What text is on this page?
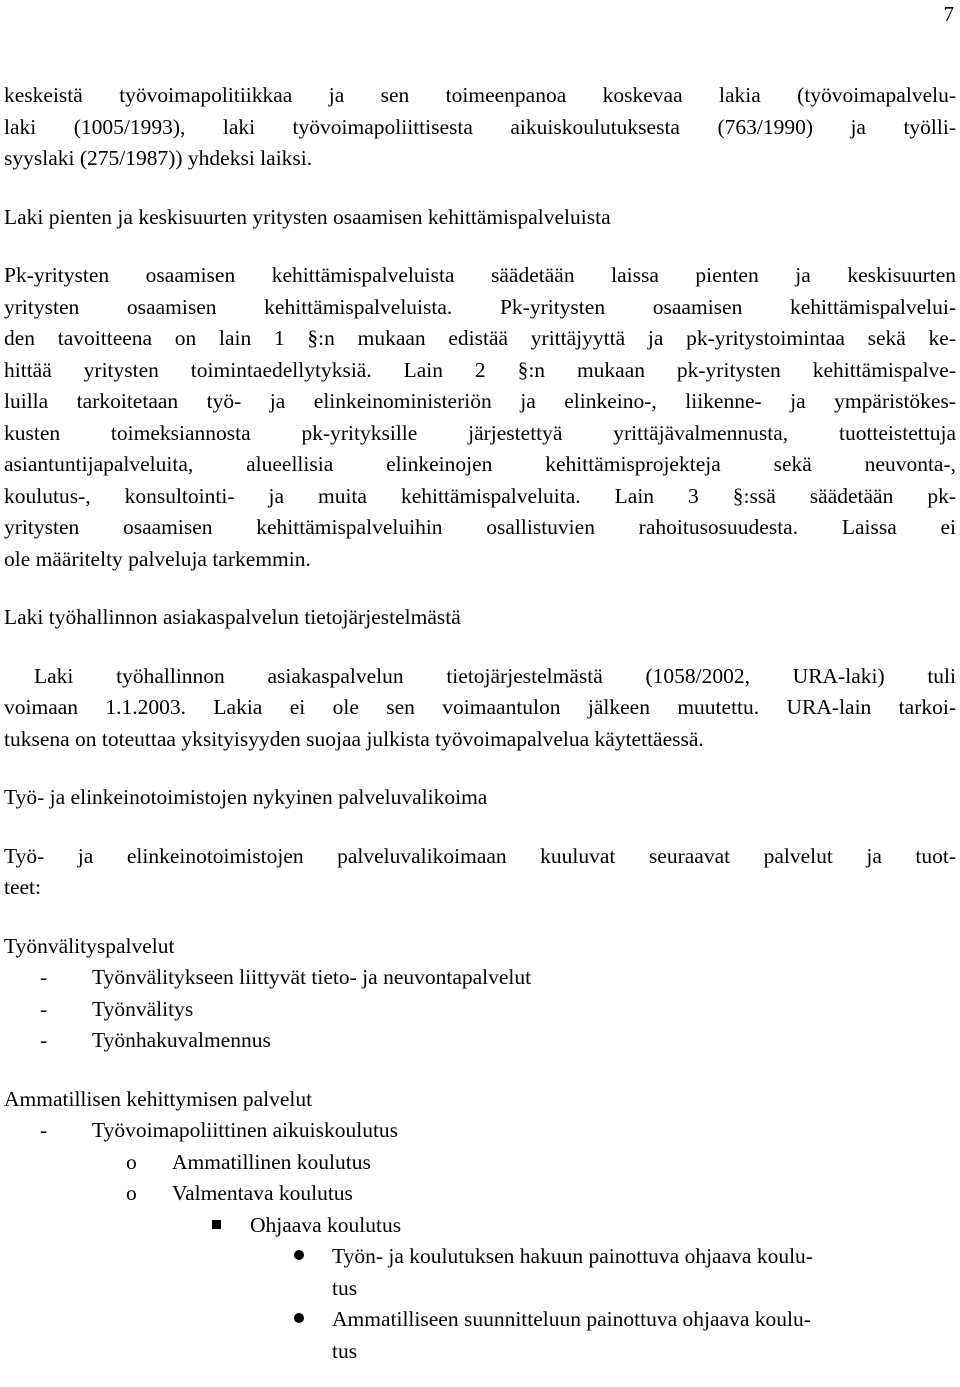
7
keskeistä työvoimapolitiikkaa ja sen toimeenpanoa koskevaa lakia (työvoimapalvelu-
laki (1005/1993), laki työvoimapoliittisesta aikuiskoulutuksesta (763/1990) ja työlli-
syyslaki (275/1987)) yhdeksi laiksi.
Laki pienten ja keskisuurten yritysten osaamisen kehittämispalveluista
Pk-yritysten osaamisen kehittämispalveluista säädetään laissa pienten ja keskisuurten
yritysten osaamisen kehittämispalveluista. Pk-yritysten osaamisen kehittämispalvelui-
den tavoitteena on lain 1 §:n mukaan edistää yrittäjyyttä ja pk-yritystoimintaa sekä ke-
hittää yritysten toimintaedellytyksiä. Lain 2 §:n mukaan pk-yritysten kehittämispalve-
luilla tarkoitetaan työ- ja elinkeinoministeriön ja elinkeino-, liikenne- ja ympäristökes-
kusten toimeksiannosta pk-yrityksille järjestettyä yrittäjävalmennusta, tuotteistettuja
asiantuntijapalveluita, alueellisia elinkeinojen kehittämisprojekteja sekä neuvonta-,
koulutus-, konsultointi- ja muita kehittämispalveluita. Lain 3 §:ssä säädetään pk-
yritysten osaamisen kehittämispalveluihin osallistuvien rahoitusosuudesta. Laissa ei
ole määritelty palveluja tarkemmin.
Laki työhallinnon asiakaspalvelun tietojärjestelmästä
Laki työhallinnon asiakaspalvelun tietojärjestelmästä (1058/2002, URA-laki) tuli
voimaan 1.1.2003. Lakia ei ole sen voimaantulon jälkeen muutettu. URA-lain tarkoi-
tuksena on toteuttaa yksityisyyden suojaa julkista työvoimapalvelua käytettäessä.
Työ- ja elinkeinotoimistojen nykyinen palveluvalikoima
Työ- ja elinkeinotoimistojen palveluvalikoimaan kuuluvat seuraavat palvelut ja tuot-
teet:
Työnvälityspalvelut
- Työnvälitykseen liittyvät tieto- ja neuvontapalvelut
- Työnvälitys
- Työnhakuvalmennus
Ammatillisen kehittymisen palvelut
- Työvoimapoliittinen aikuiskoulutus
o Ammatillinen koulutus
o Valmentava koulutus
Ohjaava koulutus
Työn- ja koulutuksen hakuun painottuva ohjaava koulu-
tus
Ammatilliseen suunnitteluun painottuva ohjaava koulu-
tus
